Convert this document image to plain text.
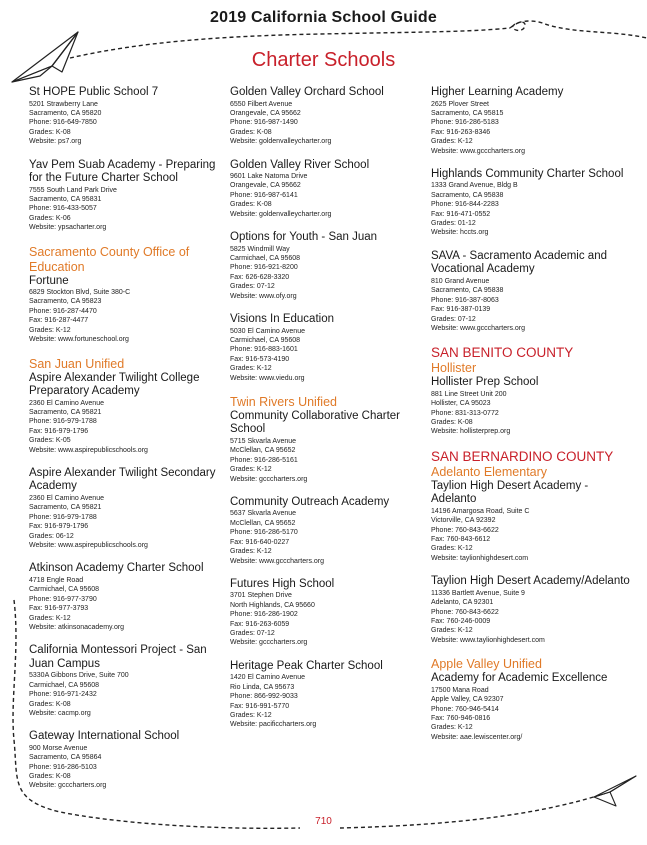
2019 California School Guide
Charter Schools
St HOPE Public School 7
5201 Strawberry Lane
Sacramento, CA 95820
Phone: 916-649-7850
Grades: K-08
Website: ps7.org
Yav Pem Suab Academy - Preparing for the Future Charter School
7555 South Land Park Drive
Sacramento, CA 95831
Phone: 916-433-5057
Grades: K-06
Website: ypsacharter.org
Sacramento County Office of Education
Fortune
6829 Stockton Blvd, Suite 380-C
Sacramento, CA 95823
Phone: 916-287-4470
Fax: 916-287-4477
Grades: K-12
Website: www.fortuneschool.org
San Juan Unified
Aspire Alexander Twilight College Preparatory Academy
2360 El Camino Avenue
Sacramento, CA 95821
Phone: 916-979-1788
Fax: 916-979-1796
Grades: K-05
Website: www.aspirepublicschools.org
Aspire Alexander Twilight Secondary Academy
2360 El Camino Avenue
Sacramento, CA 95821
Phone: 916-979-1788
Fax: 916-979-1796
Grades: 06-12
Website: www.aspirepublicschools.org
Atkinson Academy Charter School
4718 Engle Road
Carmichael, CA 95608
Phone: 916-977-3790
Fax: 916-977-3793
Grades: K-12
Website: atkinsonacademy.org
California Montessori Project - San Juan Campus
5330A Gibbons Drive, Suite 700
Carmichael, CA 95608
Phone: 916-971-2432
Grades: K-08
Website: cacmp.org
Gateway International School
900 Morse Avenue
Sacramento, CA 95864
Phone: 916-286-5103
Grades: K-08
Website: gcccharters.org
Golden Valley Orchard School
6550 Filbert Avenue
Orangevale, CA 95662
Phone: 916-987-1490
Grades: K-08
Website: goldenvalleycharter.org
Golden Valley River School
9601 Lake Natoma Drive
Orangevale, CA 95662
Phone: 916-987-6141
Grades: K-08
Website: goldenvalleycharter.org
Options for Youth - San Juan
5825 Windmill Way
Carmichael, CA 95608
Phone: 916-921-8200
Fax: 626-628-3320
Grades: 07-12
Website: www.ofy.org
Visions In Education
5030 El Camino Avenue
Carmichael, CA 95608
Phone: 916-883-1601
Fax: 916-573-4190
Grades: K-12
Website: www.viedu.org
Twin Rivers Unified
Community Collaborative Charter School
5715 Skvarla Avenue
McClellan, CA 95652
Phone: 916-286-5161
Grades: K-12
Website: gcccharters.org
Community Outreach Academy
5637 Skvarla Avenue
McClellan, CA 95652
Phone: 916-286-5170
Fax: 916-640-0227
Grades: K-12
Website: www.gcccharters.org
Futures High School
3701 Stephen Drive
North Highlands, CA 95660
Phone: 916-286-1902
Fax: 916-263-6059
Grades: 07-12
Website: gcccharters.org
Heritage Peak Charter School
1420 El Camino Avenue
Rio Linda, CA 95673
Phone: 866-992-9033
Fax: 916-991-5770
Grades: K-12
Website: pacificcharters.org
Higher Learning Academy
2625 Plover Street
Sacramento, CA 95815
Phone: 916-286-5183
Fax: 916-263-8346
Grades: K-12
Website: www.gcccharters.org
Highlands Community Charter School
1333 Grand Avenue, Bldg B
Sacramento, CA 95838
Phone: 916-844-2283
Fax: 916-471-0552
Grades: 01-12
Website: hccts.org
SAVA - Sacramento Academic and Vocational Academy
810 Grand Avenue
Sacramento, CA 95838
Phone: 916-387-8063
Fax: 916-387-0139
Grades: 07-12
Website: www.gcccharters.org
SAN BENITO COUNTY
Hollister
Hollister Prep School
881 Line Street Unit 200
Hollister, CA 95023
Phone: 831-313-0772
Grades: K-08
Website: hollisterprep.org
SAN BERNARDINO COUNTY
Adelanto Elementary
Taylion High Desert Academy - Adelanto
14196 Amargosa Road, Suite C
Victorville, CA 92392
Phone: 760-843-6622
Fax: 760-843-6612
Grades: K-12
Website: taylionhighdesert.com
Taylion High Desert Academy/Adelanto
11336 Bartlett Avenue, Suite 9
Adelanto, CA 92301
Phone: 760-843-6622
Fax: 760-246-0009
Grades: K-12
Website: www.taylionhighdesert.com
Apple Valley Unified
Academy for Academic Excellence
17500 Mana Road
Apple Valley, CA 92307
Phone: 760-946-5414
Fax: 760-946-0816
Grades: K-12
Website: aae.lewiscenter.org/
710
